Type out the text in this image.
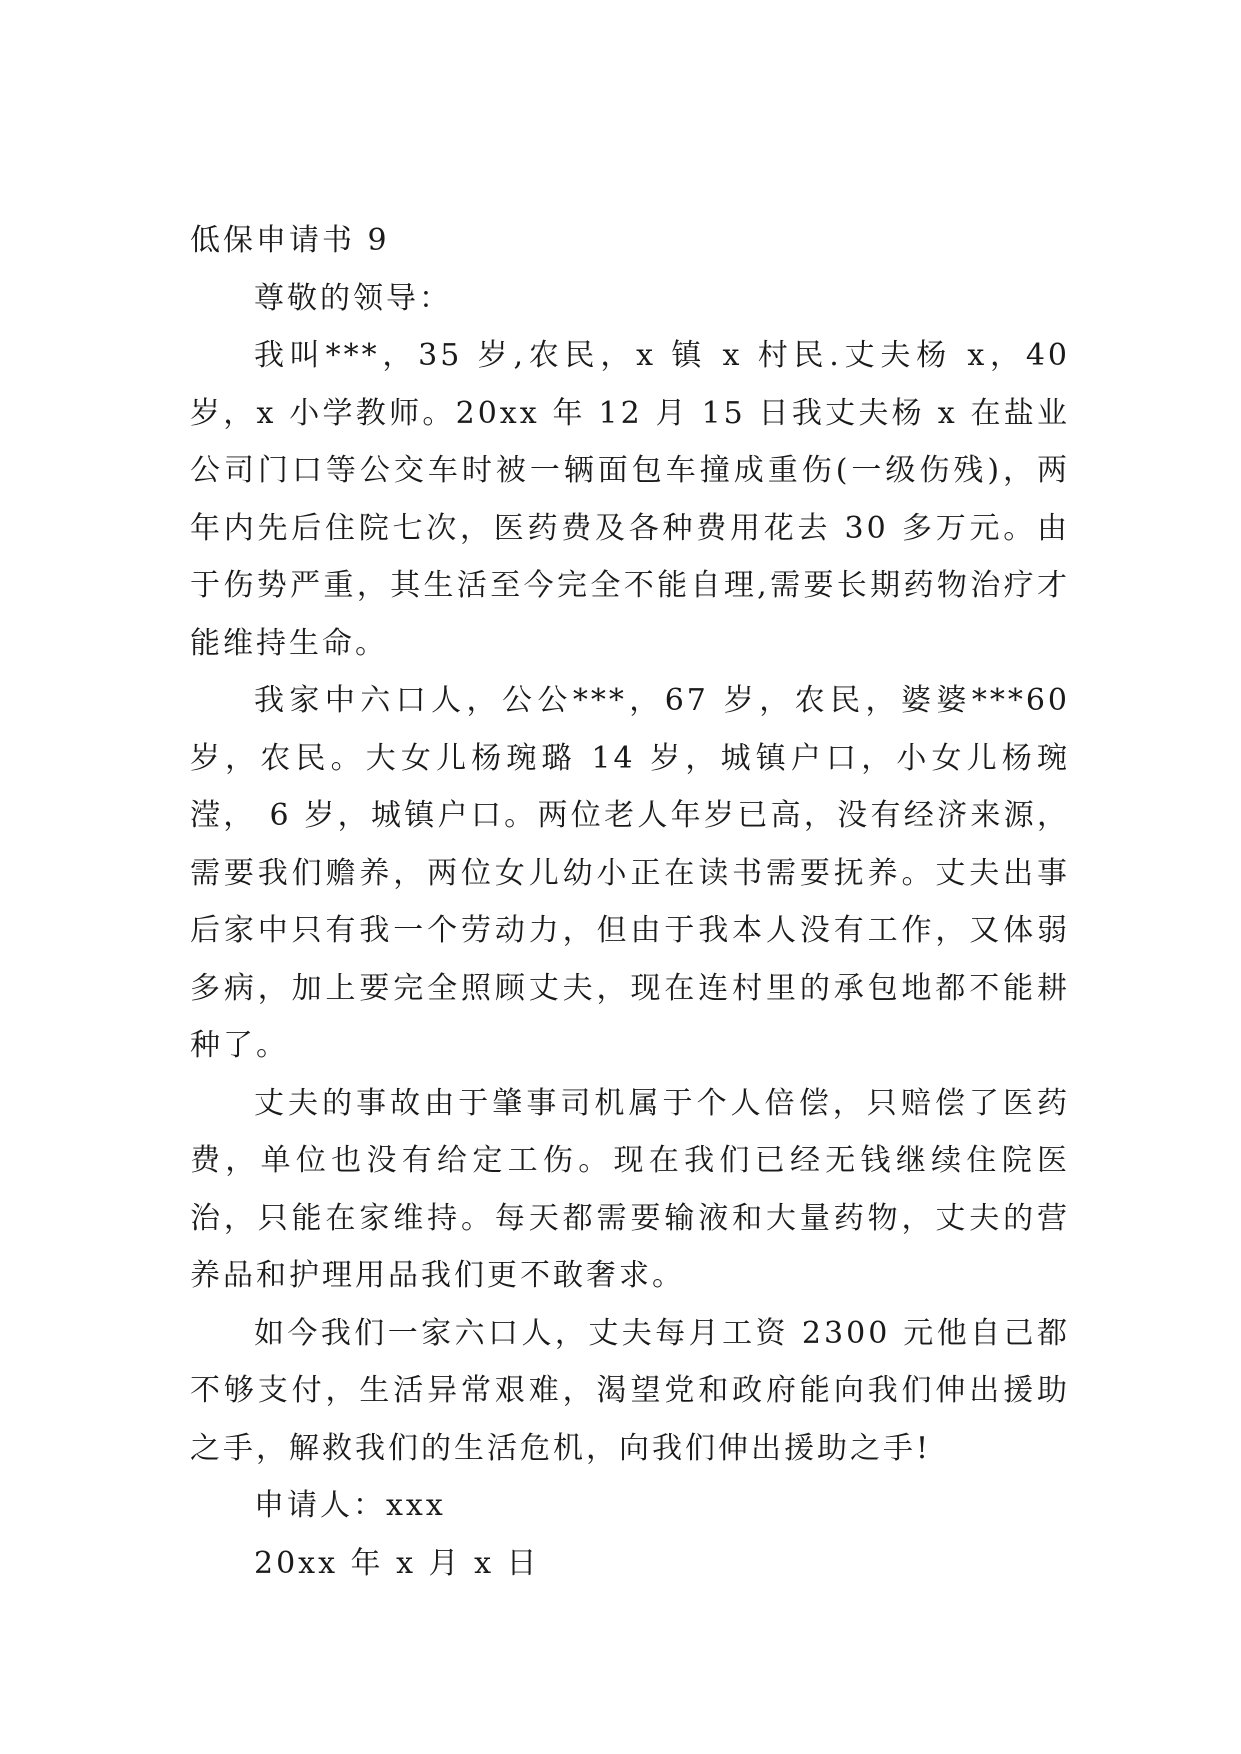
低保申请书 9

尊敬的领导：

我叫***，35 岁,农民，x 镇 x 村民.丈夫杨 x，40 岁，x 小学教师。20xx 年 12 月 15 日我丈夫杨 x 在盐业公司门口等公交车时被一辆面包车撞成重伤(一级伤残)，两年内先后住院七次，医药费及各种费用花去 30 多万元。由于伤势严重，其生活至今完全不能自理,需要长期药物治疗才能维持生命。

我家中六口人，公公***，67 岁，农民，婆婆***60 岁，农民。大女儿杨琬璐 14 岁，城镇户口，小女儿杨琬滢， 6 岁，城镇户口。两位老人年岁已高，没有经济来源，需要我们赡养，两位女儿幼小正在读书需要抚养。丈夫出事后家中只有我一个劳动力，但由于我本人没有工作，又体弱多病，加上要完全照顾丈夫，现在连村里的承包地都不能耕种了。

丈夫的事故由于肇事司机属于个人倍偿，只赔偿了医药费，单位也没有给定工伤。现在我们已经无钱继续住院医治，只能在家维持。每天都需要输液和大量药物，丈夫的营养品和护理用品我们更不敢奢求。

如今我们一家六口人，丈夫每月工资 2300 元他自己都不够支付，生活异常艰难，渴望党和政府能向我们伸出援助之手，解救我们的生活危机，向我们伸出援助之手!

申请人：xxx

20xx 年 x 月 x 日
